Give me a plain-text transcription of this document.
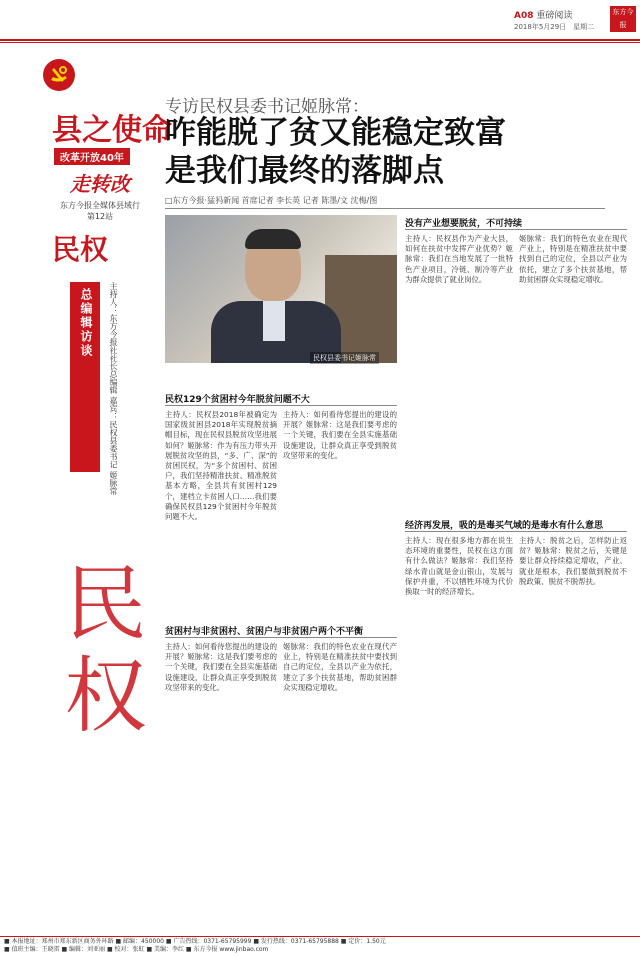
A08 重磅阅读
2018年5月29日　星期二
东方今报
县之使命
改革开放40年
走转改
东方今报全媒体县域行
第12站
民权
总编辑访谈	主持人：东方今报社社长总编辑 嘉宾：民权县委书记 姬脉常
民权
专访民权县委书记姬脉常：
咋能脱了贫又能稳定致富
是我们最终的落脚点
□东方今报·猛犸新闻 首席记者 李长英 记者 陈墨/文 沈梅/图
民权县委书记姬脉常
没有产业想要脱贫，不可持续
主持人：民权县作为产业大县，如何在扶贫中发挥产业优势？姬脉常：我们在当地发展了一批特色产业项目，冷链、制冷等产业为群众提供了就业岗位。
姬脉常：我们的特色农业在现代产业上，特别是在精准扶贫中要找到自己的定位，全县以产业为依托，建立了多个扶贫基地，帮助贫困群众实现稳定增收。
民权129个贫困村今年脱贫问题不大
主持人：民权县2018年被确定为国家级贫困县2018年实现脱贫摘帽目标，现在民权县脱贫攻坚进展如何？姬脉常：作为有压力带头开展脱贫攻坚的县，“多、广、深”的贫困民权，为“多个贫困村、贫困户，我们坚持精准扶贫、精准脱贫基本方略，全县共有贫困村129个，建档立卡贫困人口……我们要确保民权县129个贫困村今年脱贫问题不大。
主持人：如何看待您提出的建设的开展？姬脉常：这是我们要考虑的一个关键，我们要在全县实施基础设施建设，让群众真正享受到脱贫攻坚带来的变化。
经济再发展，吸的是毒买气域的是毒水有什么意思
主持人：现在很多地方都在说生态环境的重要性，民权在这方面有什么做法？姬脉常：我们坚持绿水青山就是金山银山，发展与保护并重，不以牺牲环境为代价换取一时的经济增长。
主持人：脱贫之后，怎样防止返贫？姬脉常：脱贫之后，关键是要让群众持续稳定增收，产业、就业是根本，我们要做到脱贫不脱政策、脱贫不脱帮扶。
贫困村与非贫困村、贫困户与非贫困户两个不平衡
主持人：如何看待您提出的建设的开展？姬脉常：这是我们要考虑的一个关键，我们要在全县实施基础设施建设，让群众真正享受到脱贫攻坚带来的变化。
姬脉常：我们的特色农业在现代产业上，特别是在精准扶贫中要找到自己的定位，全县以产业为依托，建立了多个扶贫基地，帮助贫困群众实现稳定增收。
■ 本报地址：郑州市郑东新区商务外环路 ■ 邮编：450000 ■ 广告热线：0371-65795999 ■ 发行热线：0371-65795888 ■ 定价：1.50元
■ 值班主编：王晓雷 ■ 编辑：刘亚丽 ■ 校对：张虹 ■ 美编：李红 ■ 东方今报 www.jinbao.com
